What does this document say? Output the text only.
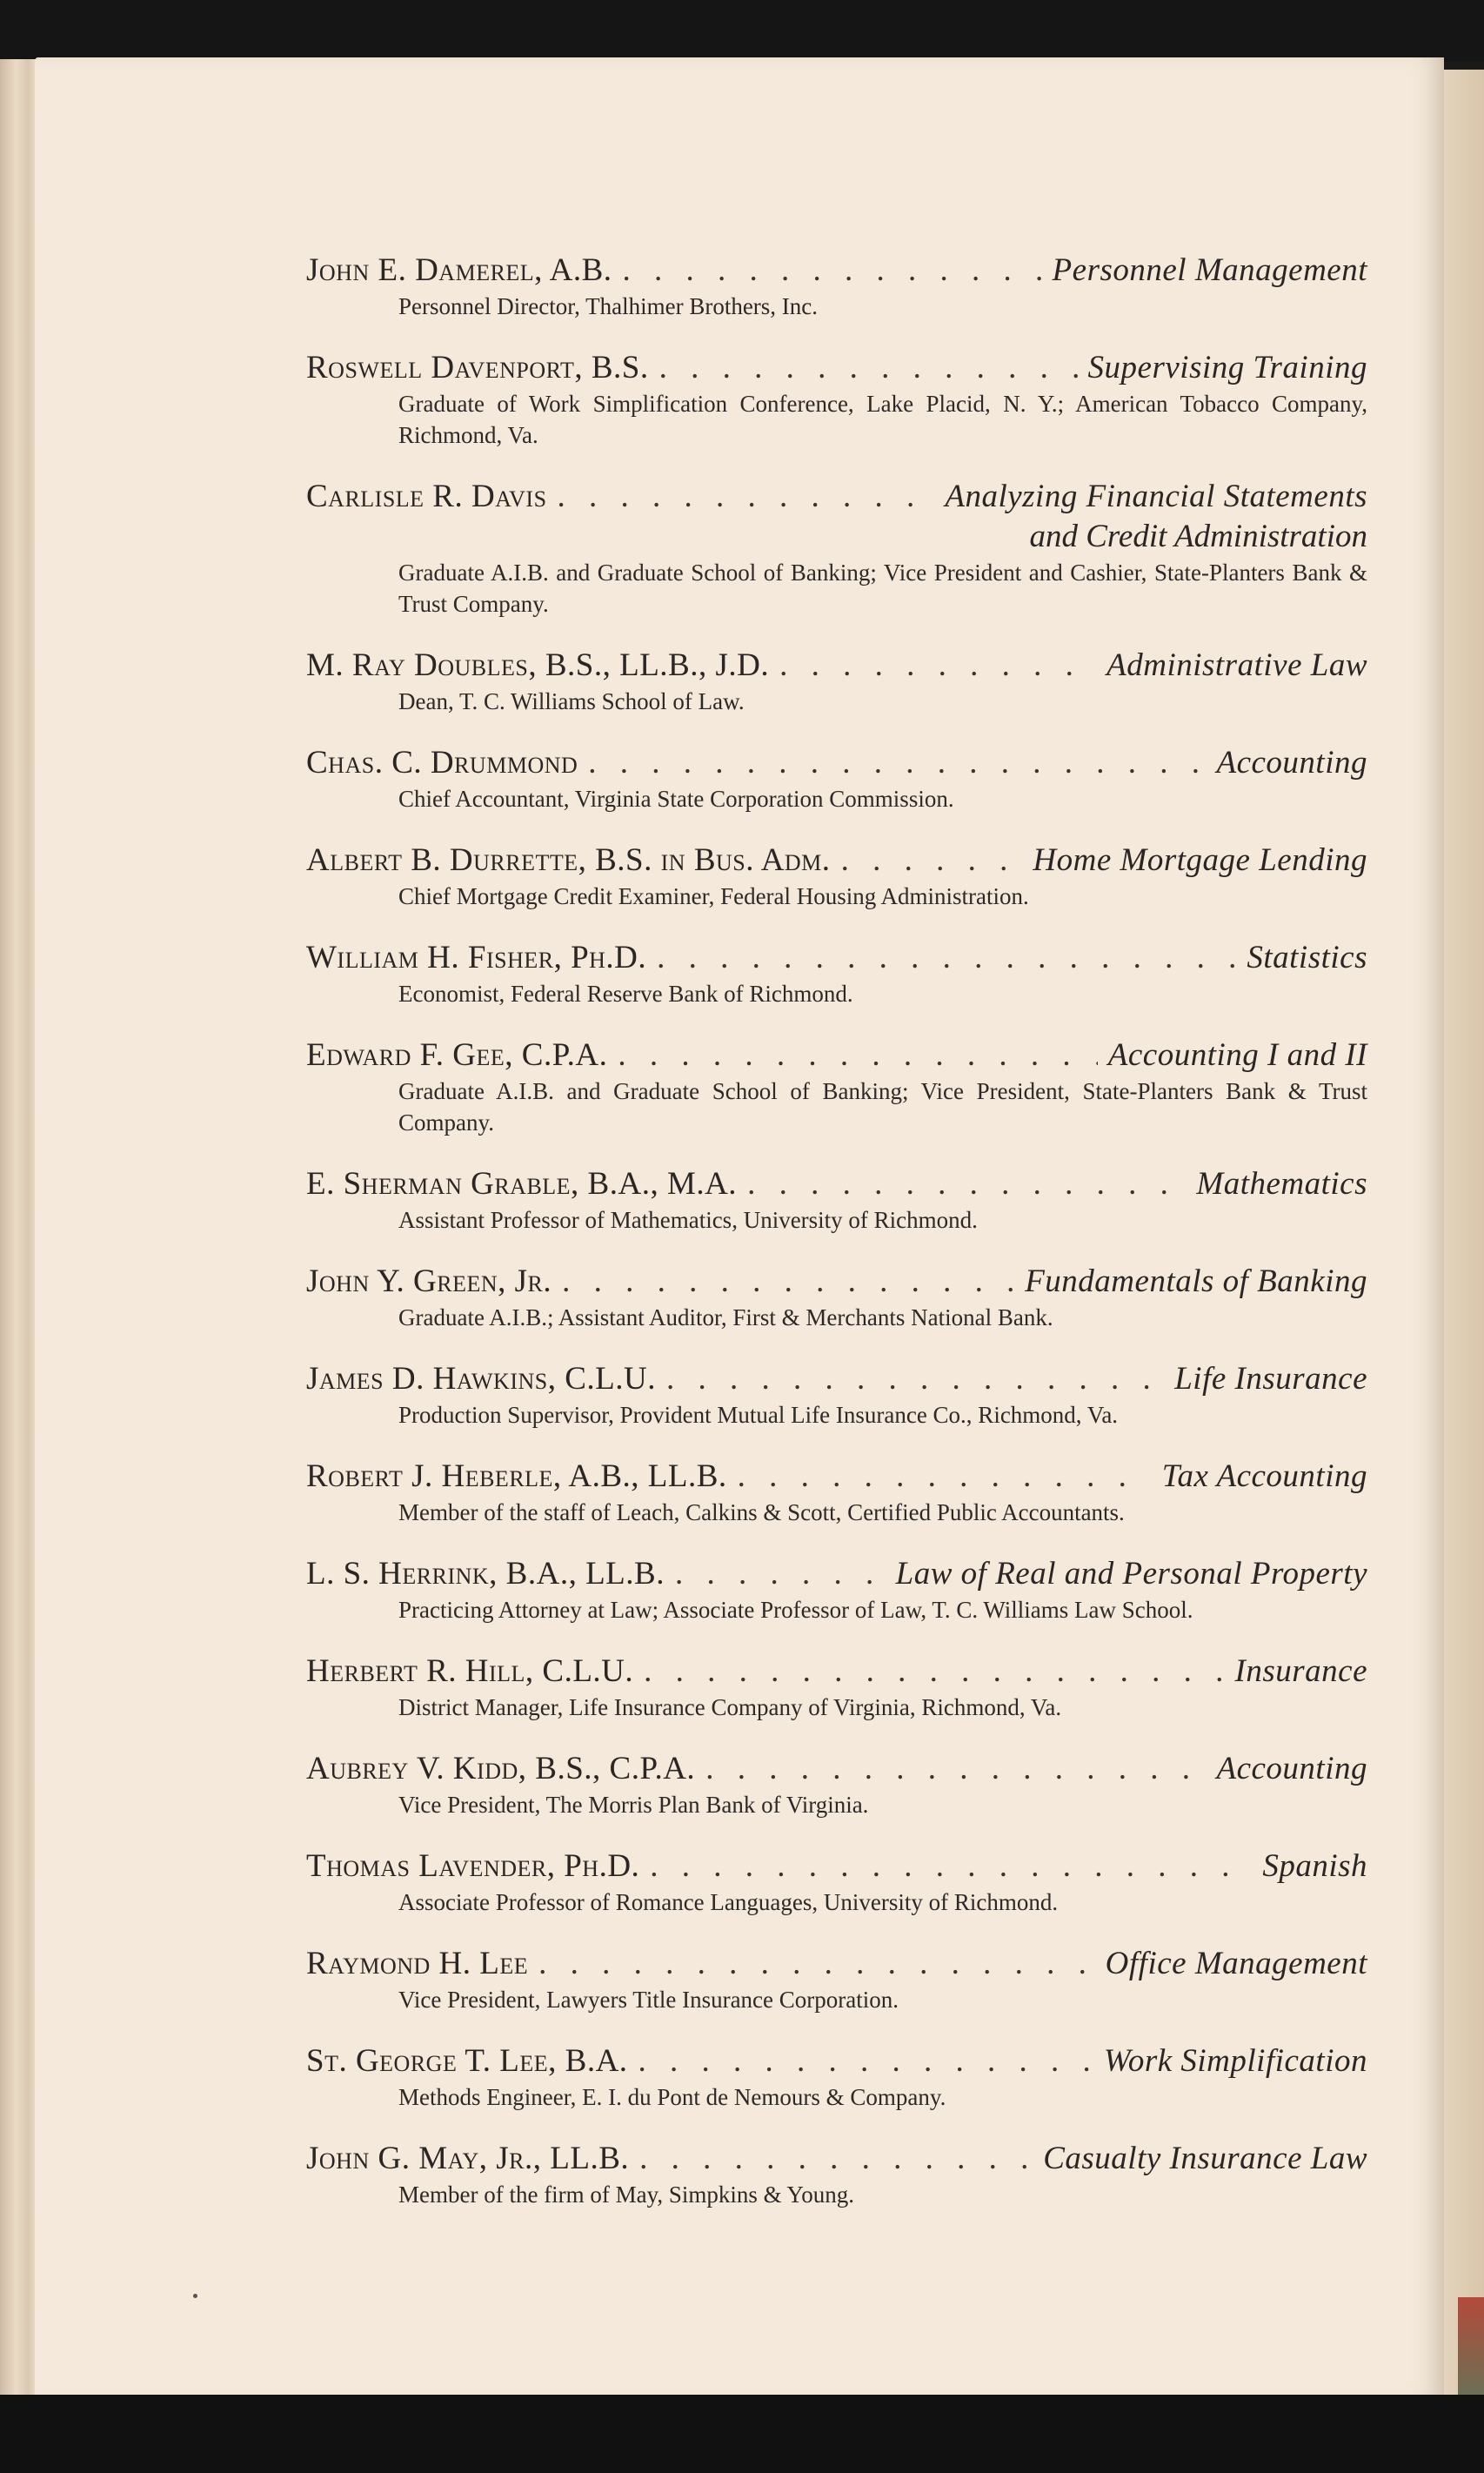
John E. Damerel, A.B. . . .	Personnel Management
Personnel Director, Thalhimer Brothers, Inc.
Roswell Davenport, B.S. . . .	Supervising Training
Graduate of Work Simplification Conference, Lake Placid, N. Y.; American Tobacco Company, Richmond, Va.
Carlisle R. Davis . . .	Analyzing Financial Statements
and Credit Administration
Graduate A.I.B. and Graduate School of Banking; Vice President and Cashier, State-Planters Bank & Trust Company.
M. Ray Doubles, B.S., LL.B., J.D. . . .	Administrative Law
Dean, T. C. Williams School of Law.
Chas. C. Drummond . . .	Accounting
Chief Accountant, Virginia State Corporation Commission.
Albert B. Durrette, B.S. in Bus. Adm. . . .	Home Mortgage Lending
Chief Mortgage Credit Examiner, Federal Housing Administration.
William H. Fisher, Ph.D. . . .	Statistics
Economist, Federal Reserve Bank of Richmond.
Edward F. Gee, C.P.A. . . .	Accounting I and II
Graduate A.I.B. and Graduate School of Banking; Vice President, State-Planters Bank & Trust Company.
E. Sherman Grable, B.A., M.A. . . .	Mathematics
Assistant Professor of Mathematics, University of Richmond.
John Y. Green, Jr. . . .	Fundamentals of Banking
Graduate A.I.B.; Assistant Auditor, First & Merchants National Bank.
James D. Hawkins, C.L.U. . . .	Life Insurance
Production Supervisor, Provident Mutual Life Insurance Co., Richmond, Va.
Robert J. Heberle, A.B., LL.B. . . .	Tax Accounting
Member of the staff of Leach, Calkins & Scott, Certified Public Accountants.
L. S. Herrink, B.A., LL.B. . . .	Law of Real and Personal Property
Practicing Attorney at Law; Associate Professor of Law, T. C. Williams Law School.
Herbert R. Hill, C.L.U. . . .	Insurance
District Manager, Life Insurance Company of Virginia, Richmond, Va.
Aubrey V. Kidd, B.S., C.P.A. . . .	Accounting
Vice President, The Morris Plan Bank of Virginia.
Thomas Lavender, Ph.D. . . .	Spanish
Associate Professor of Romance Languages, University of Richmond.
Raymond H. Lee . . .	Office Management
Vice President, Lawyers Title Insurance Corporation.
St. George T. Lee, B.A. . . .	Work Simplification
Methods Engineer, E. I. du Pont de Nemours & Company.
John G. May, Jr., LL.B. . . .	Casualty Insurance Law
Member of the firm of May, Simpkins & Young.
